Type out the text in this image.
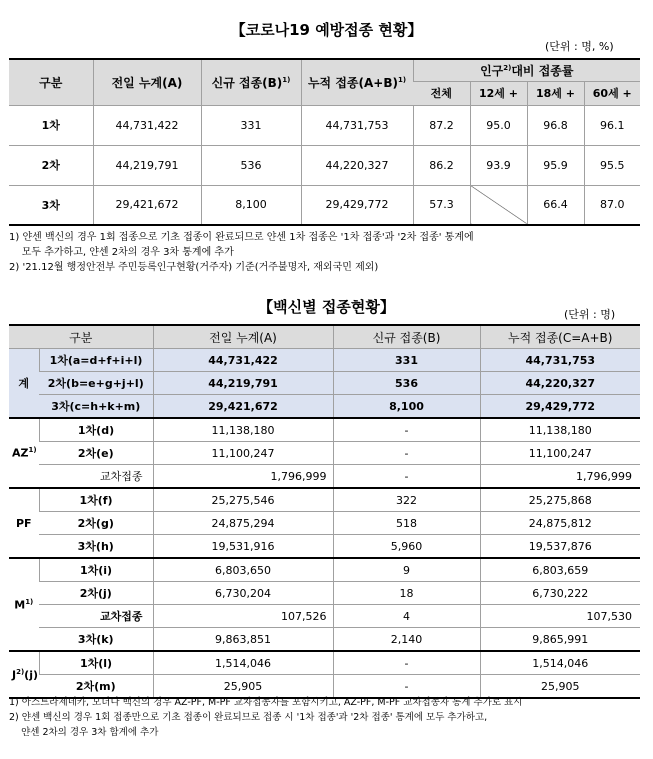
【코로나19 예방접종 현황】
(단위 : 명, %)
구분	전일 누계(A)	신규 접종$(B)^{1)}$	누적 접종$(A+B)^{1)}$	인구$^{2)}$대비 접종률			
				전체	12세 +	18세 +	60세 +
1차	44,731,422	331	44,731,753	87.2	95.0	96.8	96.1
2차	44,219,791	536	44,220,327	86.2	93.9	95.9	95.5
3차	29,421,672	8,100	29,429,772	57.3		66.4	87.0
1) 얀센 백신의 경우 1회 접종으로 기초 접종이 완료되므로 얀센 1차 접종은 '1차 접종'과 '2차 접종' 통계에
모두 추가하고, 얀센 2차의 경우 3차 통계에 추가
2) '21.12월 행정안전부 주민등록인구현황(거주자) 기준(거주불명자, 재외국민 제외)
【백신별 접종현황】	(단위 : 명)
구분		전일 누계(A)	신규 접종(B)	누적 접종(C=A+B)
계	1차(a=d+f+i+l)	44,731,422	331	44,731,753
	2차(b=e+g+j+l)	44,219,791	536	44,220,327
	3차(c=h+k+m)	29,421,672	8,100	29,429,772
AZ$^{1)}$	1차(d)	11,138,180	-	11,138,180
	2차(e)	11,100,247	-	11,100,247
	교차접종	1,796,999	-	1,796,999
PF	1차(f)	25,275,546	322	25,275,868
	2차(g)	24,875,294	518	24,875,812
	3차(h)	19,531,916	5,960	19,537,876
$M^{1)}$	1차(i)	6,803,650	9	6,803,659
	2차(j)	6,730,204	18	6,730,222
	교차접종	107,526	4	107,530
	3차(k)	9,863,851	2,140	9,865,991
$J^{2)}(j)$	1차(l)	1,514,046	-	1,514,046
	2차(m)	25,905	-	25,905
1) 아스트라제네카, 모더나 백신의 경우 AZ-PF, M-PF 교차접종자를 포함시키고, AZ-PF, M-PF 교차접종자 통계 추가로 표시
2) 얀센 백신의 경우 1회 접종만으로 기초 접종이 완료되므로 접종 시 '1차 접종'과 '2차 접종' 통계에 모두 추가하고,
얀센 2차의 경우 3차 합계에 추가
